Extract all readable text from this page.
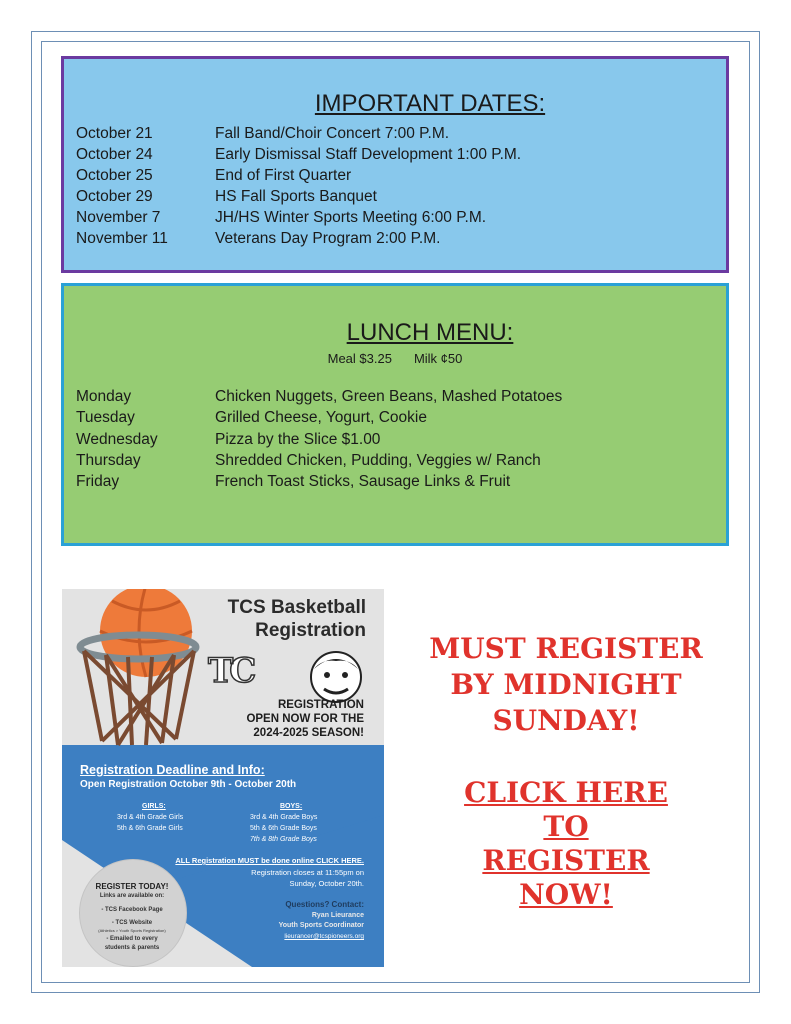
IMPORTANT DATES:
October 21	Fall Band/Choir Concert 7:00 P.M.
October 24	Early Dismissal Staff Development 1:00 P.M.
October 25	End of First Quarter
October 29	HS Fall Sports Banquet
November 7	JH/HS Winter Sports Meeting 6:00 P.M.
November 11	Veterans Day Program 2:00 P.M.
LUNCH MENU:
Meal $3.25 Milk ¢50
Monday	Chicken Nuggets, Green Beans, Mashed Potatoes
Tuesday	Grilled Cheese, Yogurt, Cookie
Wednesday	Pizza by the Slice $1.00
Thursday	Shredded Chicken, Pudding, Veggies w/ Ranch
Friday	French Toast Sticks, Sausage Links & Fruit
TCS Basketball
Registration
TC
REGISTRATION
OPEN NOW FOR THE
2024-2025 SEASON!
Registration Deadline and Info:
Open Registration October 9th - October 20th
GIRLS:
3rd & 4th Grade Girls
5th & 6th Grade Girls
BOYS:
3rd & 4th Grade Boys
5th & 6th Grade Boys
7th & 8th Grade Boys
ALL Registration MUST be done online CLICK HERE.
Registration closes at 11:55pm on
Sunday, October 20th.
Questions? Contact:
Ryan Lieurance
Youth Sports Coordinator
lieurancer@tcspioneers.org
REGISTER TODAY!
Links are available on:
- TCS Facebook Page
- TCS Website
(Athletics > Youth Sports Registration)
- Emailed to every
students & parents
MUST REGISTER
BY MIDNIGHT
SUNDAY!
CLICK HERE
TO
REGISTER
NOW!
